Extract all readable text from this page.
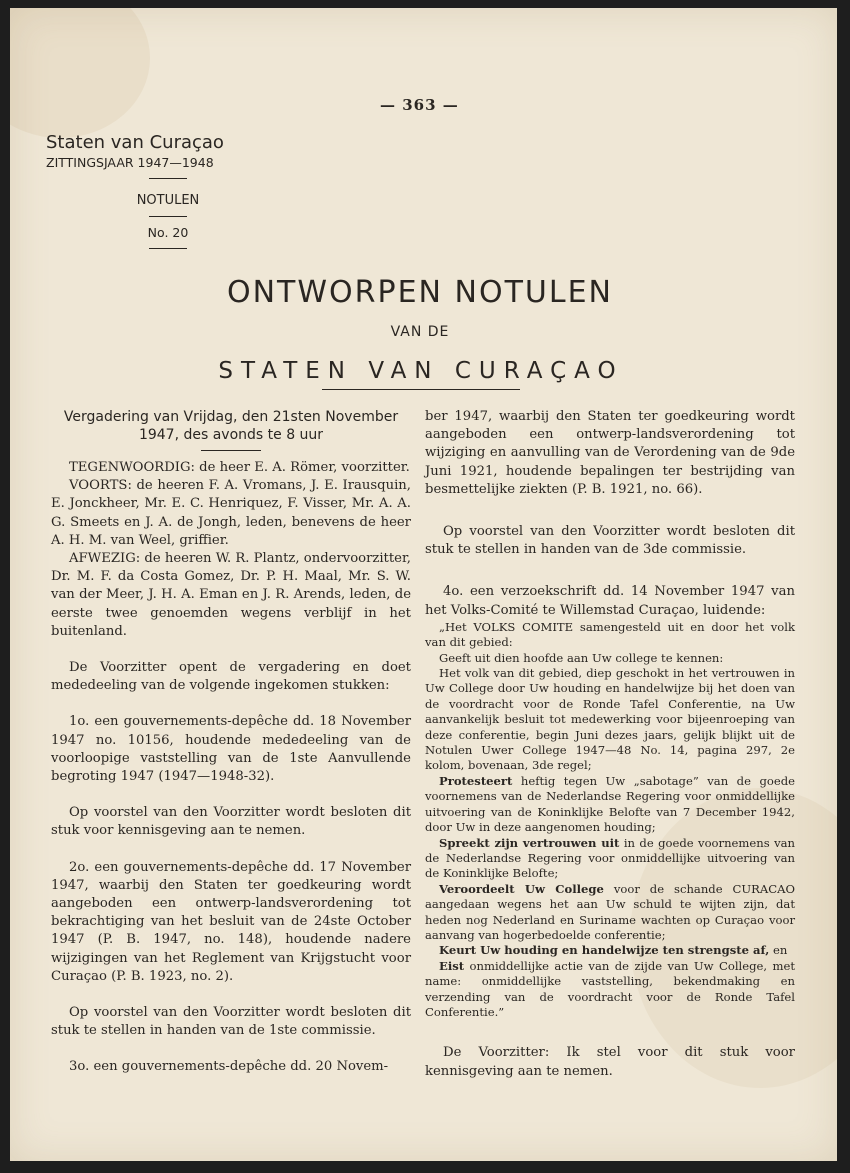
— 363 —
Staten van Curaçao
ZITTINGSJAAR 1947—1948
NOTULEN
No. 20
ONTWORPEN NOTULEN
VAN DE
STATEN VAN CURAÇAO
Vergadering van Vrijdag, den 21sten November 1947, des avonds te 8 uur

TEGENWOORDIG: de heer E. A. Römer, voorzitter.

VOORTS: de heeren F. A. Vromans, J. E. Irausquin, E. Jonckheer, Mr. E. C. Henriquez, F. Visser, Mr. A. A. G. Smeets en J. A. de Jongh, leden, benevens de heer A. H. M. van Weel, griffier.

AFWEZIG: de heeren W. R. Plantz, ondervoorzitter, Dr. M. F. da Costa Gomez, Dr. P. H. Maal, Mr. S. W. van der Meer, J. H. A. Eman en J. R. Arends, leden, de eerste twee genoemden wegens verblijf in het buitenland.

De Voorzitter opent de vergadering en doet mededeeling van de volgende ingekomen stukken:

1o. een gouvernements-depêche dd. 18 November 1947 no. 10156, houdende mededeeling van de voorloopige vaststelling van de 1ste Aanvullende begroting 1947 (1947—1948-32).

Op voorstel van den Voorzitter wordt besloten dit stuk voor kennisgeving aan te nemen.

2o. een gouvernements-depêche dd. 17 November 1947, waarbij den Staten ter goedkeuring wordt aangeboden een ontwerp-landsverordening tot bekrachtiging van het besluit van de 24ste October 1947 (P. B. 1947, no. 148), houdende nadere wijzigingen van het Reglement van Krijgstucht voor Curaçao (P. B. 1923, no. 2).

Op voorstel van den Voorzitter wordt besloten dit stuk te stellen in handen van de 1ste commissie.

3o. een gouvernements-depêche dd. 20 Novem-

ber 1947, waarbij den Staten ter goedkeuring wordt aangeboden een ontwerp-landsverordening tot wijziging en aanvulling van de Verordening van de 9de Juni 1921, houdende bepalingen ter bestrijding van besmettelijke ziekten (P. B. 1921, no. 66).

Op voorstel van den Voorzitter wordt besloten dit stuk te stellen in handen van de 3de commissie.

4o. een verzoekschrift dd. 14 November 1947 van het Volks-Comité te Willemstad Curaçao, luidende:

„Het VOLKS COMITE samengesteld uit en door het volk van dit gebied:

Geeft uit dien hoofde aan Uw college te kennen:

Het volk van dit gebied, diep geschokt in het vertrouwen in Uw College door Uw houding en handelwijze bij het doen van de voordracht voor de Ronde Tafel Conferentie, na Uw aanvankelijk besluit tot medewerking voor bijeenroeping van deze conferentie, begin Juni dezes jaars, gelijk blijkt uit de Notulen Uwer College 1947—48 No. 14, pagina 297, 2e kolom, bovenaan, 3de regel;

Protesteert heftig tegen Uw „sabotage” van de goede voornemens van de Nederlandse Regering voor onmiddellijke uitvoering van de Koninklijke Belofte van 7 December 1942, door Uw in deze aangenomen houding;

Spreekt zijn vertrouwen uit in de goede voornemens van de Nederlandse Regering voor onmiddellijke uitvoering van de Koninklijke Belofte;

Veroordeelt Uw College voor de schande CURACAO aangedaan wegens het aan Uw schuld te wijten zijn, dat heden nog Nederland en Suriname wachten op Curaçao voor aanvang van hogerbedoelde conferentie;

Keurt Uw houding en handelwijze ten strengste af, en

Eist onmiddellijke actie van de zijde van Uw College, met name: onmiddellijke vaststelling, bekendmaking en verzending van de voordracht voor de Ronde Tafel Conferentie.”

De Voorzitter: Ik stel voor dit stuk voor kennisgeving aan te nemen.
